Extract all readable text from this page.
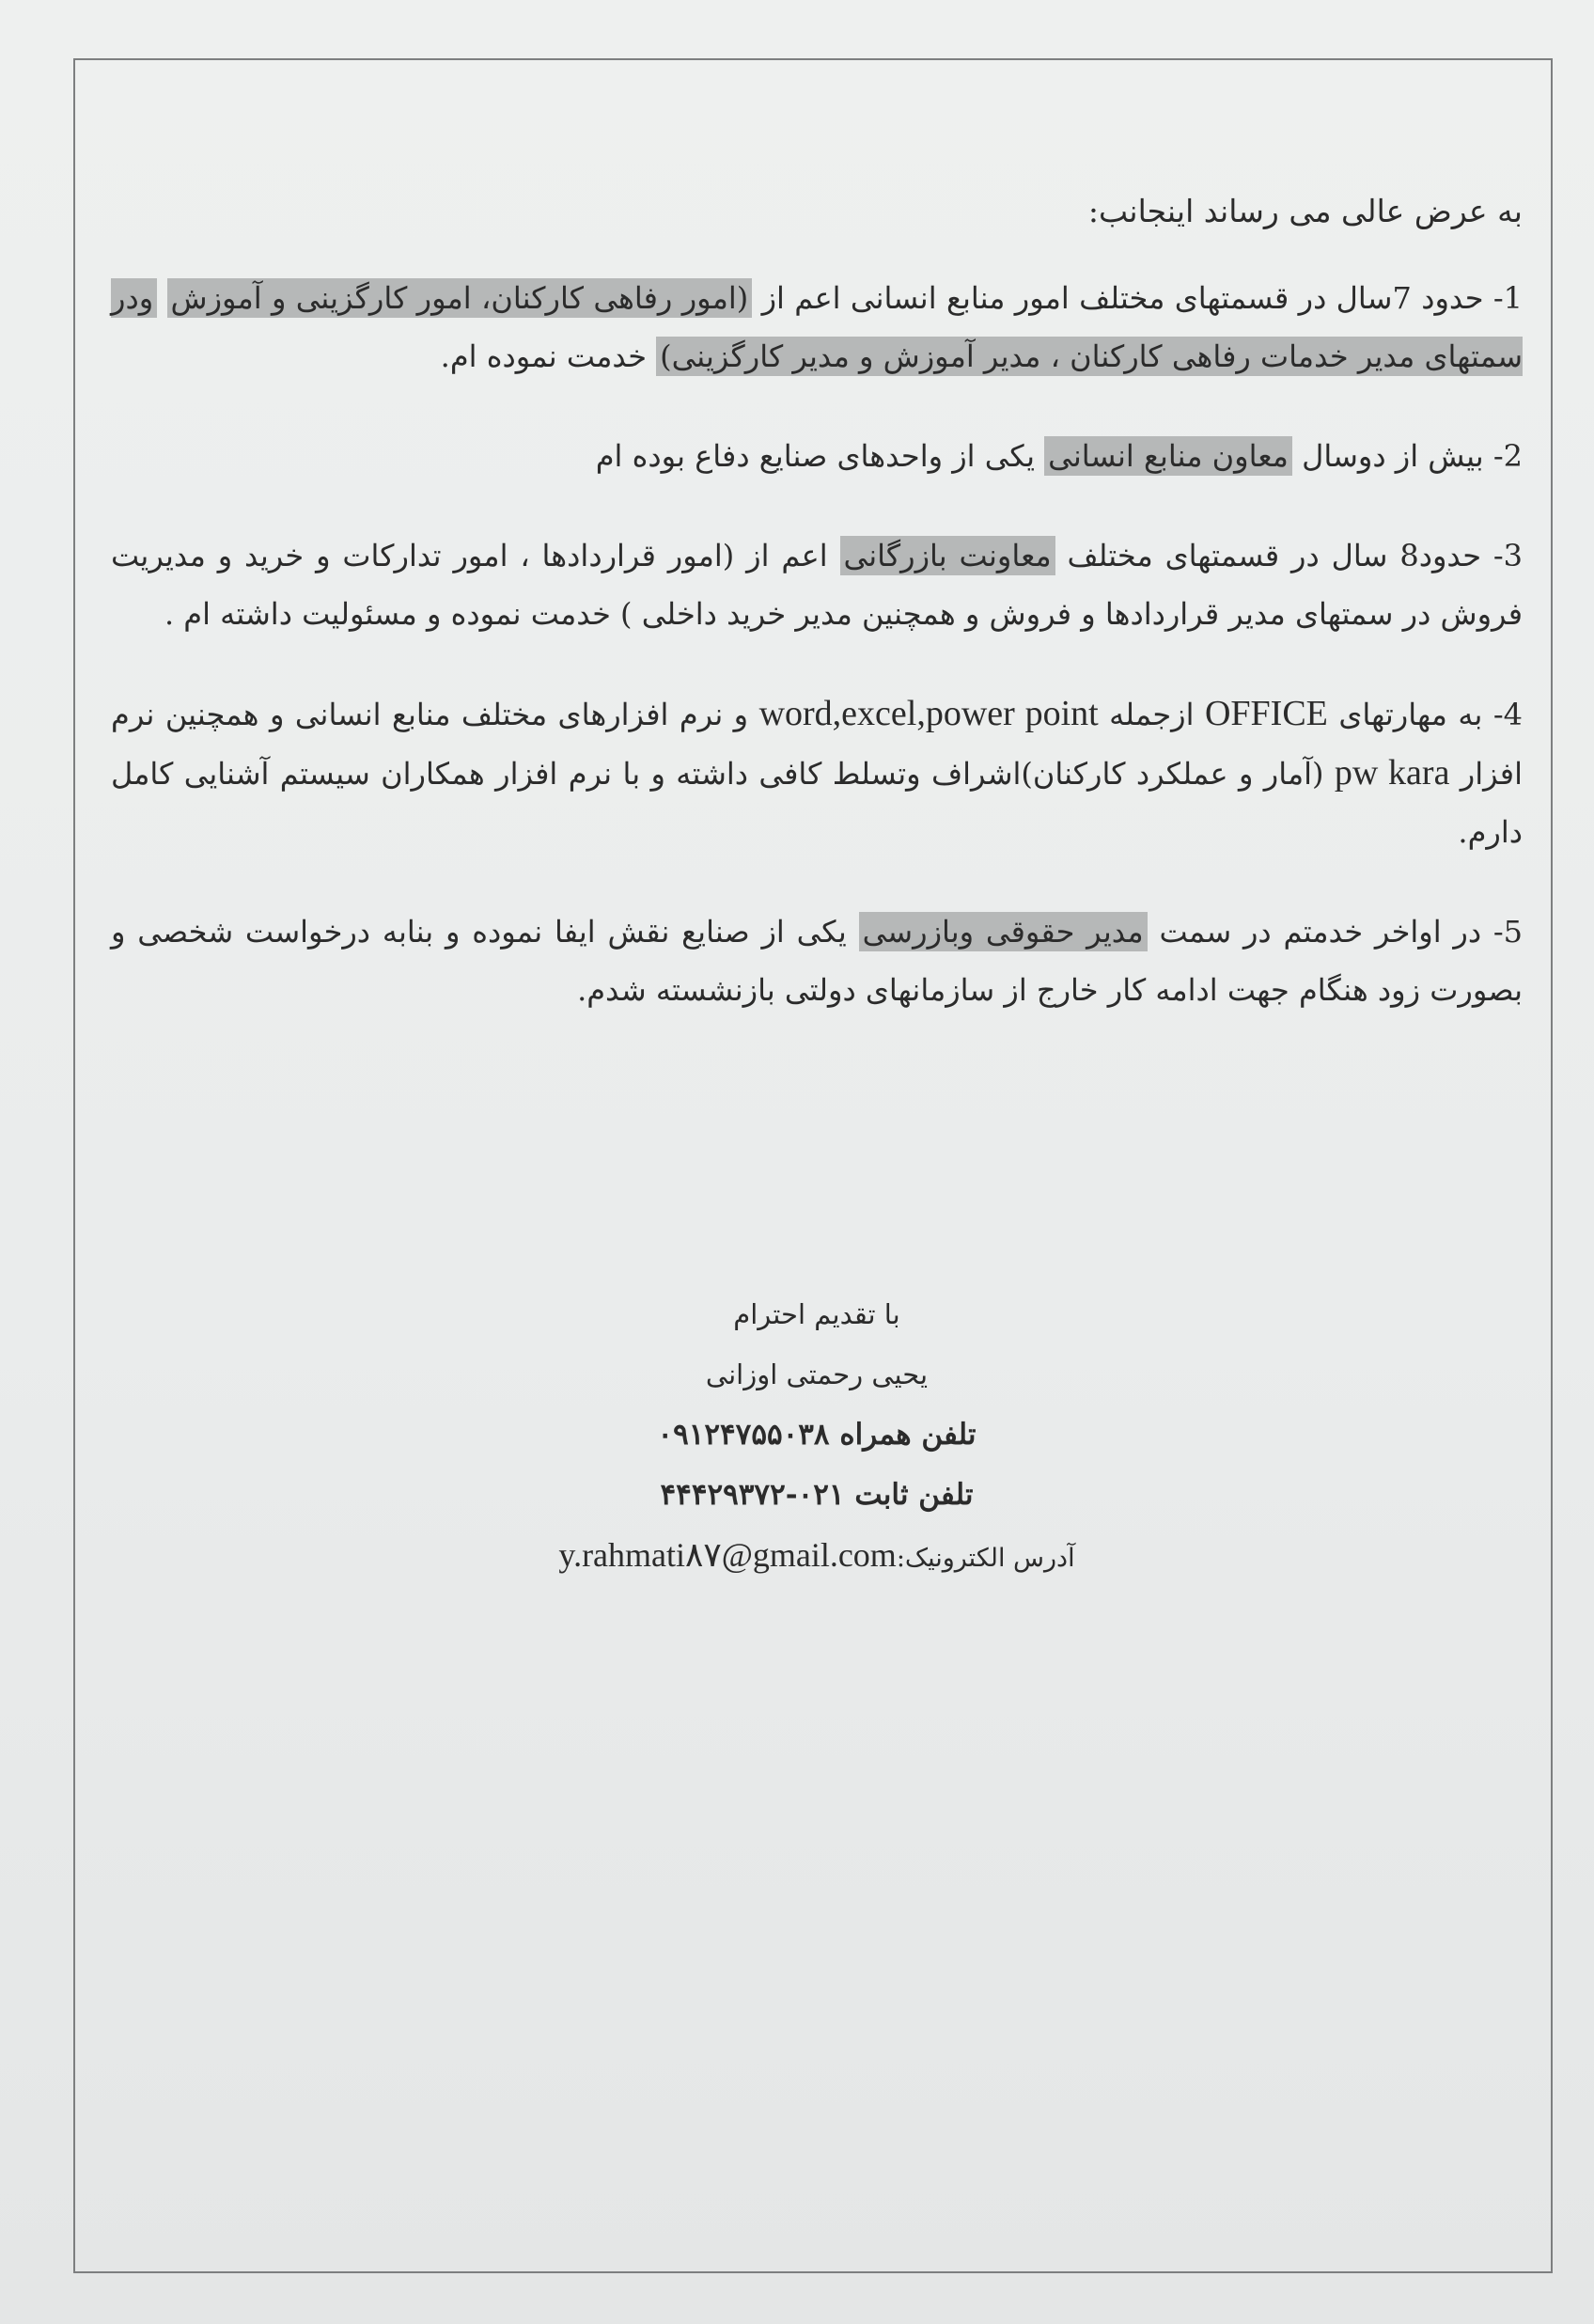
به عرض عالی می رساند اینجانب:

1- حدود 7سال در قسمتهای مختلف امور منابع انسانی اعم از (امور رفاهی کارکنان، امور کارگزینی و آموزش ودر سمتهای مدیر خدمات رفاهی کارکنان ، مدیر آموزش و مدیر کارگزینی) خدمت نموده ام.

2- بیش از دوسال معاون منابع انسانی یکی از واحدهای صنایع دفاع بوده ام

3- حدود8 سال در قسمتهای مختلف معاونت بازرگانی اعم از (امور قراردادها ، امور تدارکات و خرید و مدیریت فروش در سمتهای مدیر قراردادها و فروش و همچنین مدیر خرید داخلی ) خدمت نموده و مسئولیت داشته ام .

4- به مهارتهای OFFICE ازجمله word,excel,power point و نرم افزارهای مختلف منابع انسانی و همچنین نرم افزار pw kara (آمار و عملکرد کارکنان)اشراف وتسلط کافی داشته و با نرم افزار همکاران سیستم آشنایی کامل دارم.

5- در اواخر خدمتم در سمت مدیر حقوقی وبازرسی یکی از صنایع نقش ایفا نموده و بنابه درخواست شخصی و بصورت زود هنگام جهت ادامه کار خارج از سازمانهای دولتی بازنشسته شدم.

با تقدیم احترام

یحیی رحمتی اوزانی

تلفن همراه ۰۹۱۲۴۷۵۵۰۳۸

تلفن ثابت ۰۲۱-۴۴۴۲۹۳۷۲

آدرس الکترونیک:y.rahmati۸۷@gmail.com
